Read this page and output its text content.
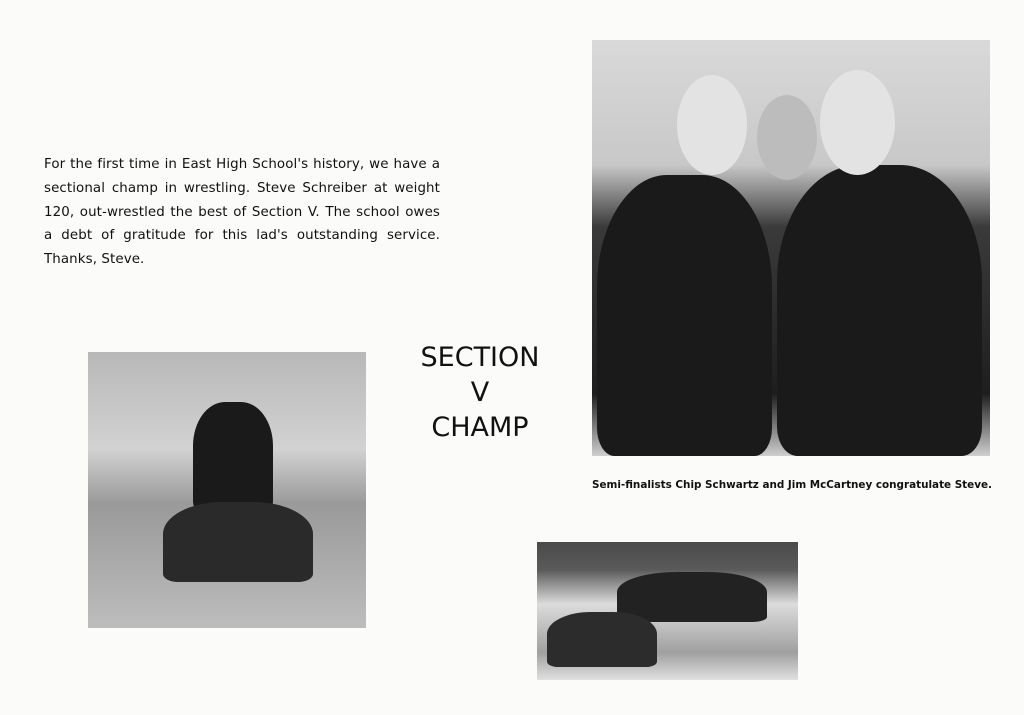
For the first time in East High School's history, we have a sectional champ in wrestling. Steve Schreiber at weight 120, out-wrestled the best of Section V. The school owes a debt of gratitude for this lad's outstanding service. Thanks, Steve.

SECTION
V
CHAMP
Semi-finalists Chip Schwartz and Jim McCartney congratulate Steve.
